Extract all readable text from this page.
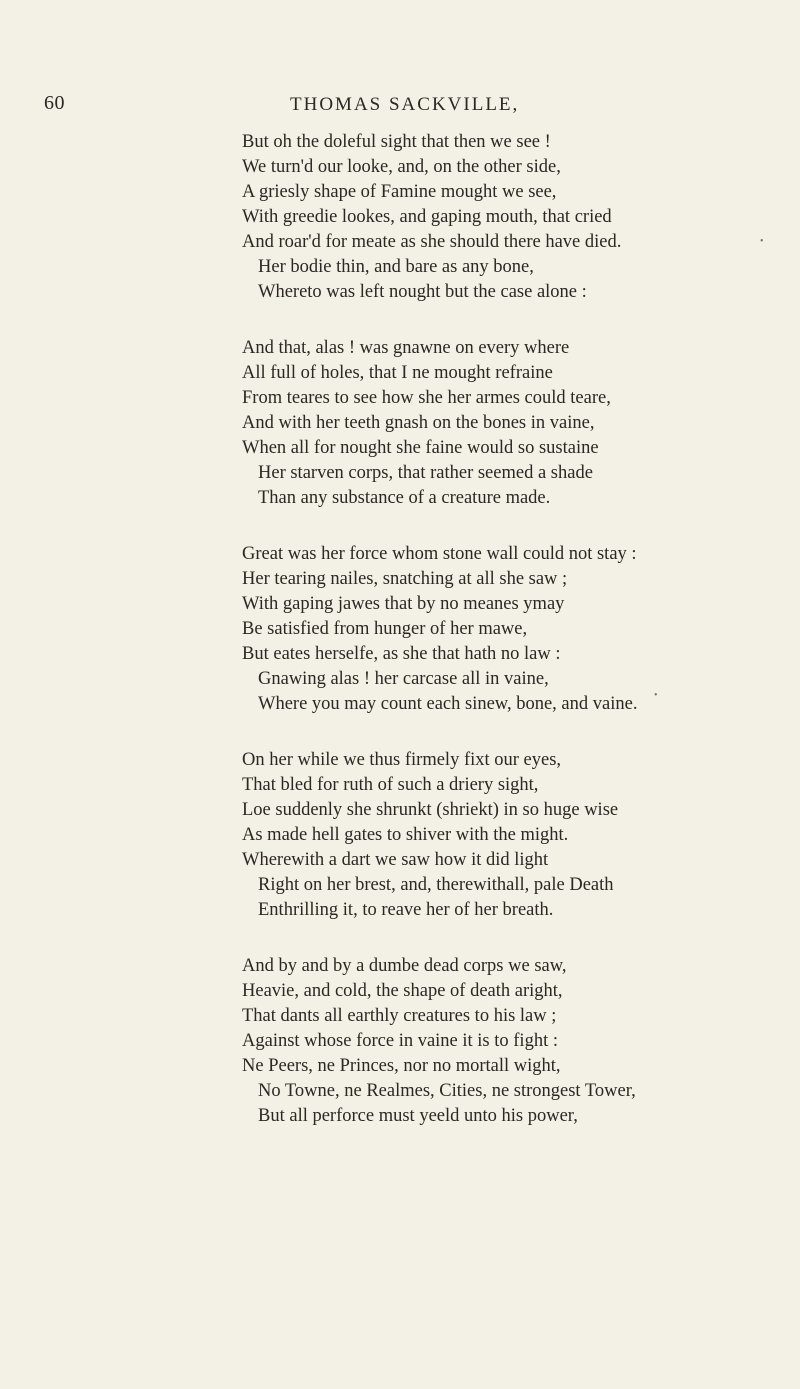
60	THOMAS SACKVILLE,
But oh the doleful sight that then we see !
We turn'd our looke, and, on the other side,
A griesly shape of Famine mought we see,
With greedie lookes, and gaping mouth, that cried
And roar'd for meate as she should there have died.
Her bodie thin, and bare as any bone,
Whereto was left nought but the case alone :
And that, alas ! was gnawne on every where
All full of holes, that I ne mought refraine
From teares to see how she her armes could teare,
And with her teeth gnash on the bones in vaine,
When all for nought she faine would so sustaine
Her starven corps, that rather seemed a shade
Than any substance of a creature made.
Great was her force whom stone wall could not stay :
Her tearing nailes, snatching at all she saw ;
With gaping jawes that by no meanes ymay
Be satisfied from hunger of her mawe,
But eates herselfe, as she that hath no law :
Gnawing alas ! her carcase all in vaine,
Where you may count each sinew, bone, and vaine.
On her while we thus firmely fixt our eyes,
That bled for ruth of such a driery sight,
Loe suddenly she shrunkt (shriekt) in so huge wise
As made hell gates to shiver with the might.
Wherewith a dart we saw how it did light
Right on her brest, and, therewithall, pale Death
Enthrilling it, to reave her of her breath.
And by and by a dumbe dead corps we saw,
Heavie, and cold, the shape of death aright,
That dants all earthly creatures to his law ;
Against whose force in vaine it is to fight :
Ne Peers, ne Princes, nor no mortall wight,
No Towne, ne Realmes, Cities, ne strongest Tower,
But all perforce must yeeld unto his power,
•
•
